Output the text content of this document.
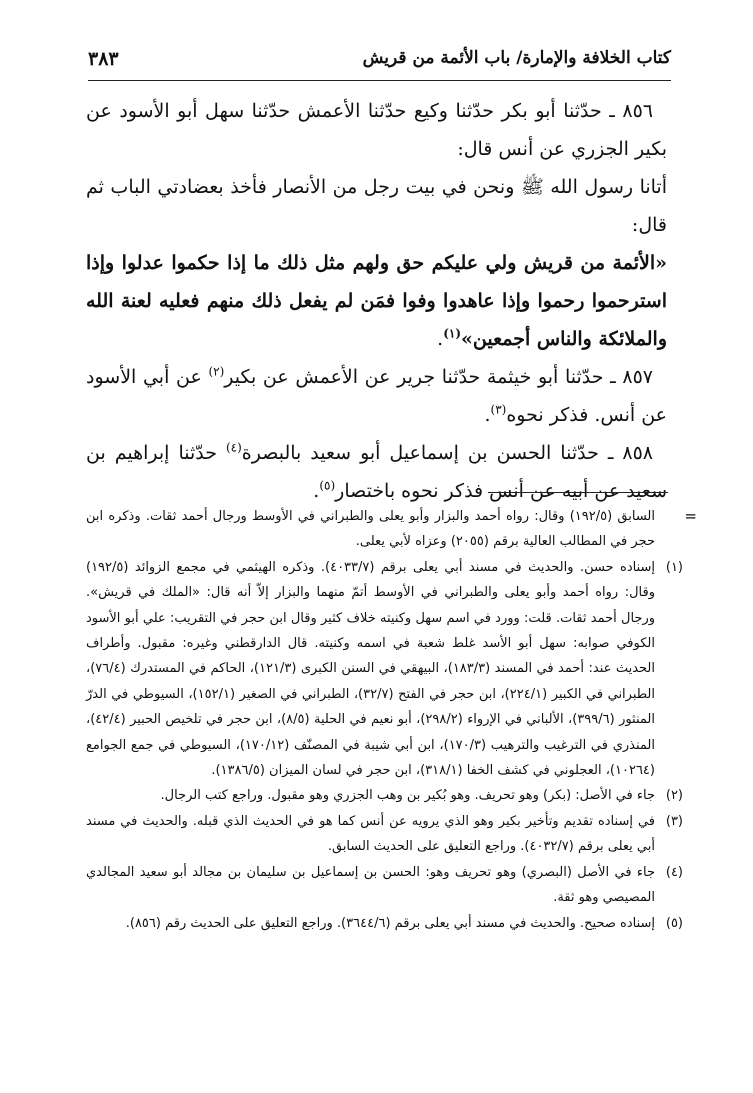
كتاب الخلافة والإمارة/ باب الأئمة من قريش
٣٨٣

٨٥٦ ـ حدّثنا أبو بكر حدّثنا وكيع حدّثنا الأعمش حدّثنا سهل أبو الأسود عن بكير الجزري عن أنس قال:

أتانا رسول الله ﷺ ونحن في بيت رجل من الأنصار فأخذ بعضادتي الباب ثم قال:

«الأئمة من قريش ولي عليكم حق ولهم مثل ذلك ما إذا حكموا عدلوا وإذا استرحموا رحموا وإذا عاهدوا وفوا فمَن لم يفعل ذلك منهم فعليه لعنة الله والملائكة والناس أجمعين»$^{(١)}$.

٨٥٧ ـ حدّثنا أبو خيثمة حدّثنا جرير عن الأعمش عن بكير$^{(٢)}$ عن أبي الأسود عن أنس. فذكر نحوه$^{(٣)}$.

٨٥٨ ـ حدّثنا الحسن بن إسماعيل أبو سعيد بالبصرة$^{(٤)}$ حدّثنا إبراهيم بن سعيد عن أبيه عن أنس فذكر نحوه باختصار$^{(٥)}$.

=
السابق (١٩٢/٥) وقال: رواه أحمد والبزار وأبو يعلى والطبراني في الأوسط ورجال أحمد ثقات. وذكره ابن حجر في المطالب العالية برقم (٢٠٥٥) وعزاه لأبي يعلى.

(١)
إسناده حسن. والحديث في مسند أبي يعلى برقم (٤٠٣٣/٧). وذكره الهيثمي في مجمع الزوائد (١٩٢/٥) وقال: رواه أحمد وأبو يعلى والطبراني في الأوسط أتمّ منهما والبزار إلاّ أنه قال: «الملك في قريش». ورجال أحمد ثقات. قلت: وورد في اسم سهل وكنيته خلاف كثير وقال ابن حجر في التقريب: علي أبو الأسود الكوفي صوابه: سهل أبو الأسد غلط شعبة في اسمه وكنيته. قال الدارقطني وغيره: مقبول. وأطراف الحديث عند: أحمد في المسند (١٨٣/٣)، البيهقي في السنن الكبرى (١٢١/٣)، الحاكم في المستدرك (٧٦/٤)، الطبراني في الكبير (٢٢٤/١)، ابن حجر في الفتح (٣٢/٧)، الطبراني في الصغير (١٥٢/١)، السيوطي في الدرّ المنثور (٣٩٩/٦)، الألباني في الإرواء (٢٩٨/٢)، أبو نعيم في الحلية (٨/٥)، ابن حجر في تلخيص الحبير (٤٢/٤)، المنذري في الترغيب والترهيب (١٧٠/٣)، ابن أبي شيبة في المصنّف (١٧٠/١٢)، السيوطي في جمع الجوامع (١٠٢٦٤)، العجلوني في كشف الخفا (٣١٨/١)، ابن حجر في لسان الميزان (١٣٨٦/٥).

(٢)
جاء في الأصل: (بكر) وهو تحريف. وهو بُكير بن وهب الجزري وهو مقبول. وراجع كتب الرجال.

(٣)
في إسناده تقديم وتأخير بكير وهو الذي يرويه عن أنس كما هو في الحديث الذي قبله. والحديث في مسند أبي يعلى برقم (٤٠٣٢/٧). وراجع التعليق على الحديث السابق.

(٤)
جاء في الأصل (البصري) وهو تحريف وهو: الحسن بن إسماعيل بن سليمان بن مجالد أبو سعيد المجالدي المصيصي وهو ثقة.

(٥)
إسناده صحيح. والحديث في مسند أبي يعلى برقم (٣٦٤٤/٦). وراجع التعليق على الحديث رقم (٨٥٦).
